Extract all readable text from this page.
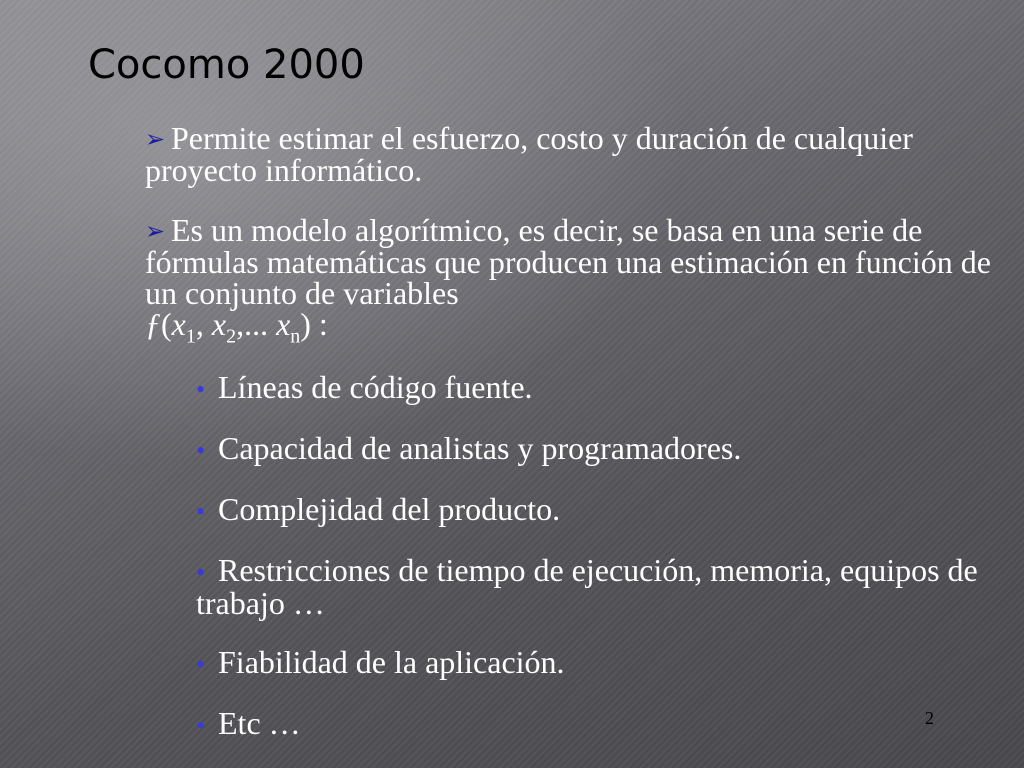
Cocomo 2000
➢ Permite estimar el esfuerzo, costo y duración de cualquier proyecto informático.
➢ Es un modelo algorítmico, es decir, se basa en una serie de fórmulas matemáticas que producen una estimación en función de un conjunto de variables
$ƒ(x_1$, $x_2$,... $x_n$) :
• Líneas de código fuente.
• Capacidad de analistas y programadores.
• Complejidad del producto.
• Restricciones de tiempo de ejecución, memoria, equipos de trabajo …
• Fiabilidad de la aplicación.
• Etc …	2
